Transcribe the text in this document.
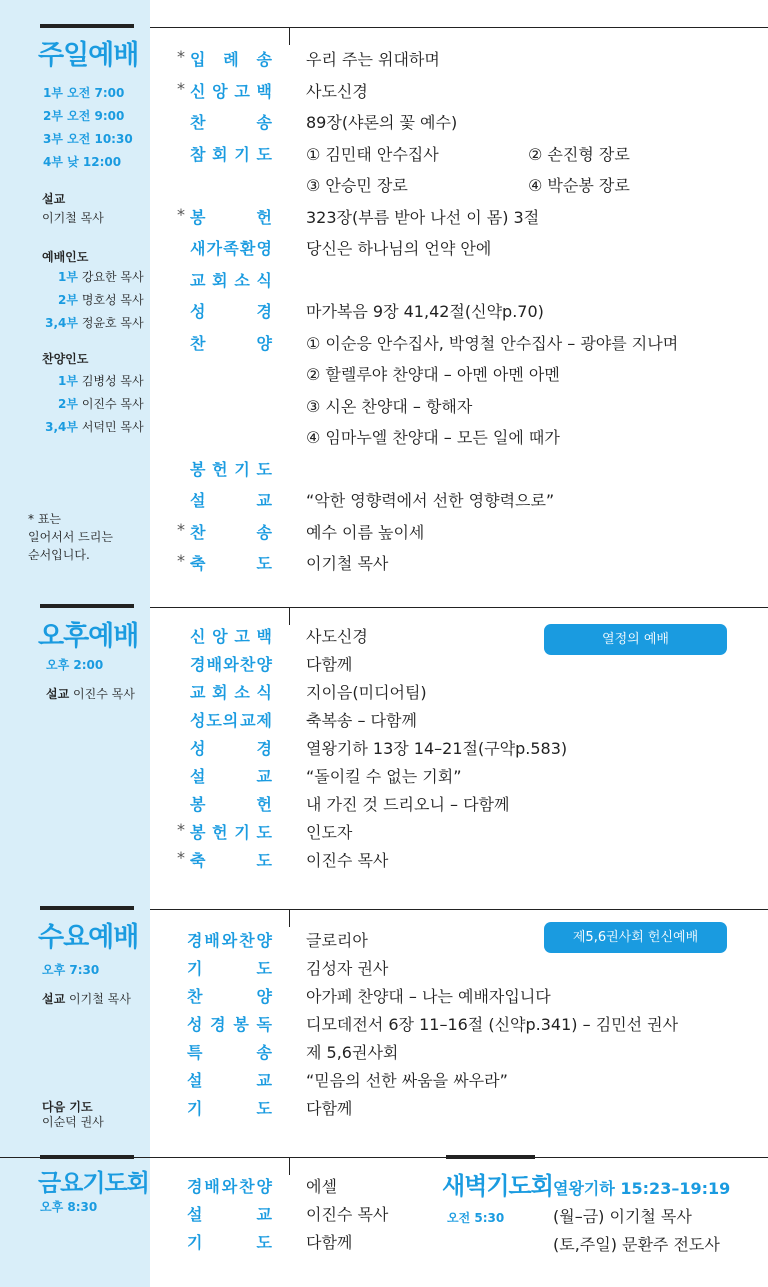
주일예배
1부 오전 7:00
2부 오전 9:00
3부 오전 10:30
4부 낮 12:00
설교
이기철 목사
예배인도
1부 강요한 목사
2부 명호성 목사
3,4부 정윤호 목사
찬양인도
1부 김병성 목사
2부 이진수 목사
3,4부 서덕민 목사
* 표는
일어서서 드리는
순서입니다.
* 입 례 송 우리 주는 위대하며
* 신 앙 고 백 사도신경
찬	송 89장(샤론의 꽃 예수)
참 회 기 도 ① 김민태 안수집사	② 손진형 장로
③ 안승민 장로	④ 박순봉 장로
* 봉	헌 323장(부름 받아 나선 이 몸) 3절
새 가 족 환 영 당신은 하나님의 언약 안에
교 회 소 식
성	경 마가복음 9장 41,42절(신약p.70)
찬	양 ① 이순응 안수집사, 박영철 안수집사 – 광야를 지나며
② 할렐루야 찬양대 – 아멘 아멘 아멘
③ 시온 찬양대 – 항해자
④ 임마누엘 찬양대 – 모든 일에 때가
봉 헌 기 도
설	교 “악한 영향력에서 선한 영향력으로”
* 찬	송 예수 이름 높이세
* 축	도 이기철 목사
오후예배
오후 2:00
설교 이진수 목사
열정의 예배
신 앙 고 백 사도신경
경 배 와 찬 양 다함께
교 회 소 식 지이음(미디어팀)
성 도 의 교 제 축복송 – 다함께
성	경 열왕기하 13장 14–21절(구약p.583)
설	교 “돌이킬 수 없는 기회”
봉	헌 내 가진 것 드리오니 – 다함께
* 봉 헌 기 도 인도자
* 축	도 이진수 목사
수요예배
오후 7:30
설교 이기철 목사
다음 기도
이순덕 권사
제5,6권사회 헌신예배
경 배 와 찬 양 글로리아
기	도 김성자 권사
찬	양 아가페 찬양대 – 나는 예배자입니다
성 경 봉 독 디모데전서 6장 11–16절 (신약p.341) – 김민선 권사
특	송 제 5,6권사회
설	교 “믿음의 선한 싸움을 싸우라”
기	도 다함께
금요기도회
오후 8:30
경 배 와 찬 양 에셀
설	교 이진수 목사
기	도 다함께
새벽기도회
오전 5:30
열왕기하 15:23–19:19
(월–금) 이기철 목사
(토,주일) 문환주 전도사
